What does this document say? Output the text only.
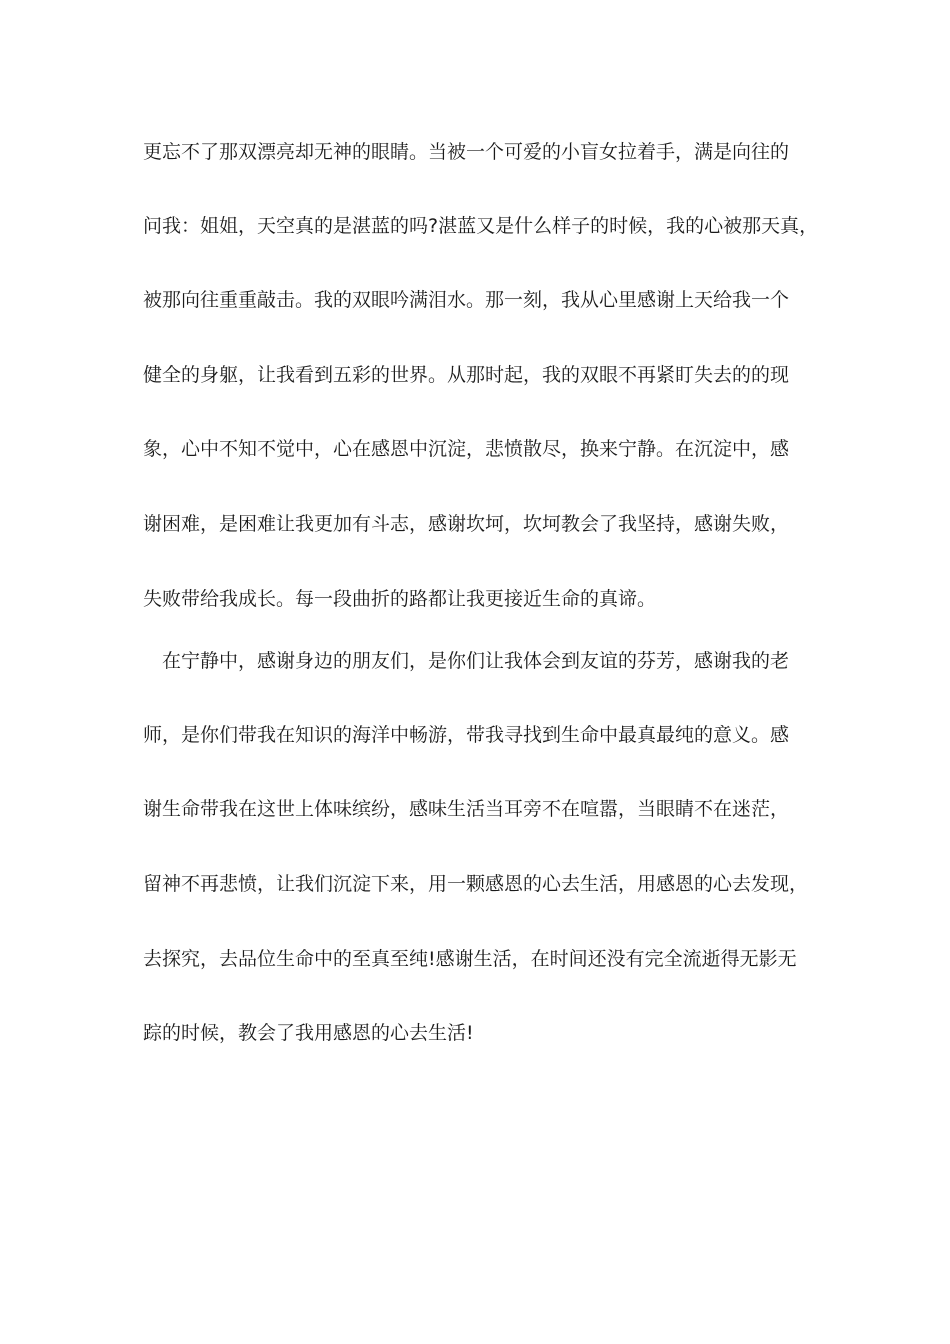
更忘不了那双漂亮却无神的眼睛。当被一个可爱的小盲女拉着手，满是向往的
问我：姐姐，天空真的是湛蓝的吗?湛蓝又是什么样子的时候，我的心被那天真，
被那向往重重敲击。我的双眼吟满泪水。那一刻，我从心里感谢上天给我一个
健全的身躯，让我看到五彩的世界。从那时起，我的双眼不再紧盯失去的的现
象，心中不知不觉中，心在感恩中沉淀，悲愤散尽，换来宁静。在沉淀中，感
谢困难，是困难让我更加有斗志，感谢坎坷，坎坷教会了我坚持，感谢失败，
失败带给我成长。每一段曲折的路都让我更接近生命的真谛。
　在宁静中，感谢身边的朋友们，是你们让我体会到友谊的芬芳，感谢我的老
师，是你们带我在知识的海洋中畅游，带我寻找到生命中最真最纯的意义。感
谢生命带我在这世上体味缤纷，感味生活当耳旁不在喧嚣，当眼睛不在迷茫，
留神不再悲愤，让我们沉淀下来，用一颗感恩的心去生活，用感恩的心去发现，
去探究，去品位生命中的至真至纯!感谢生活，在时间还没有完全流逝得无影无
踪的时候，教会了我用感恩的心去生活!
